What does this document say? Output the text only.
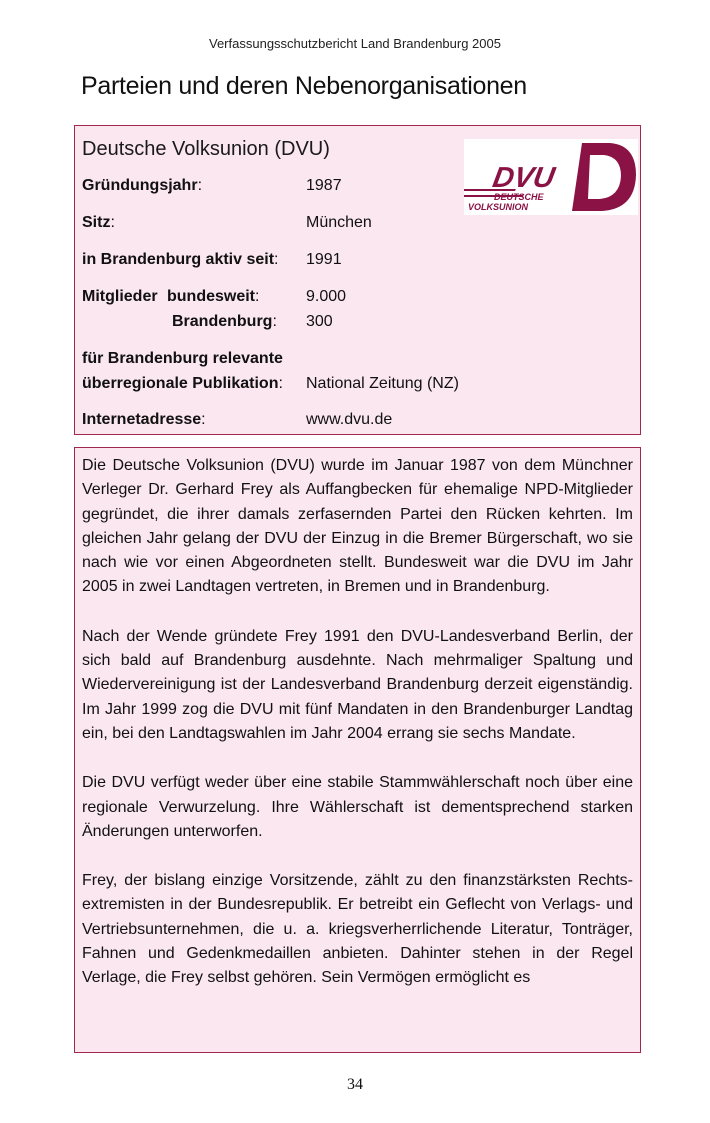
Verfassungsschutzbericht Land Brandenburg 2005
Parteien und deren Nebenorganisationen
Deutsche Volksunion (DVU)
DVU
DEUTSCHE
VOLKSUNION
Gründungsjahr:	1987
Sitz:	München
in Brandenburg aktiv seit: 1991
Mitglieder bundesweit:	9.000
Brandenburg: 300
für Brandenburg relevante
überregionale Publikation: National Zeitung (NZ)
Internetadresse:	www.dvu.de

Die Deutsche Volksunion (DVU) wurde im Januar 1987 von dem Münchner Verleger Dr. Gerhard Frey als Auffangbecken für ehemalige NPD-Mitglieder gegründet, die ihrer damals zerfasernden Partei den Rücken kehrten. Im gleichen Jahr gelang der DVU der Einzug in die Bremer Bürgerschaft, wo sie nach wie vor einen Abgeordneten stellt. Bundesweit war die DVU im Jahr 2005 in zwei Landtagen vertreten, in Bremen und in Brandenburg.

Nach der Wende gründete Frey 1991 den DVU-Landesverband Berlin, der sich bald auf Brandenburg ausdehnte. Nach mehrmaliger Spaltung und Wiedervereinigung ist der Landesverband Brandenburg derzeit eigenständig. Im Jahr 1999 zog die DVU mit fünf Mandaten in den Brandenburger Landtag ein, bei den Landtagswahlen im Jahr 2004 errang sie sechs Mandate.

Die DVU verfügt weder über eine stabile Stammwählerschaft noch über eine regionale Verwurzelung. Ihre Wählerschaft ist dementsprechend starken Änderungen unterworfen.

Frey, der bislang einzige Vorsitzende, zählt zu den finanzstärksten Rechtsextremisten in der Bundesrepublik. Er betreibt ein Geflecht von Verlags- und Vertriebsunternehmen, die u. a. kriegsverherrlichende Literatur, Tonträger, Fahnen und Gedenkmedaillen anbieten. Dahinter stehen in der Regel Verlage, die Frey selbst gehören. Sein Vermögen ermöglicht es

34
